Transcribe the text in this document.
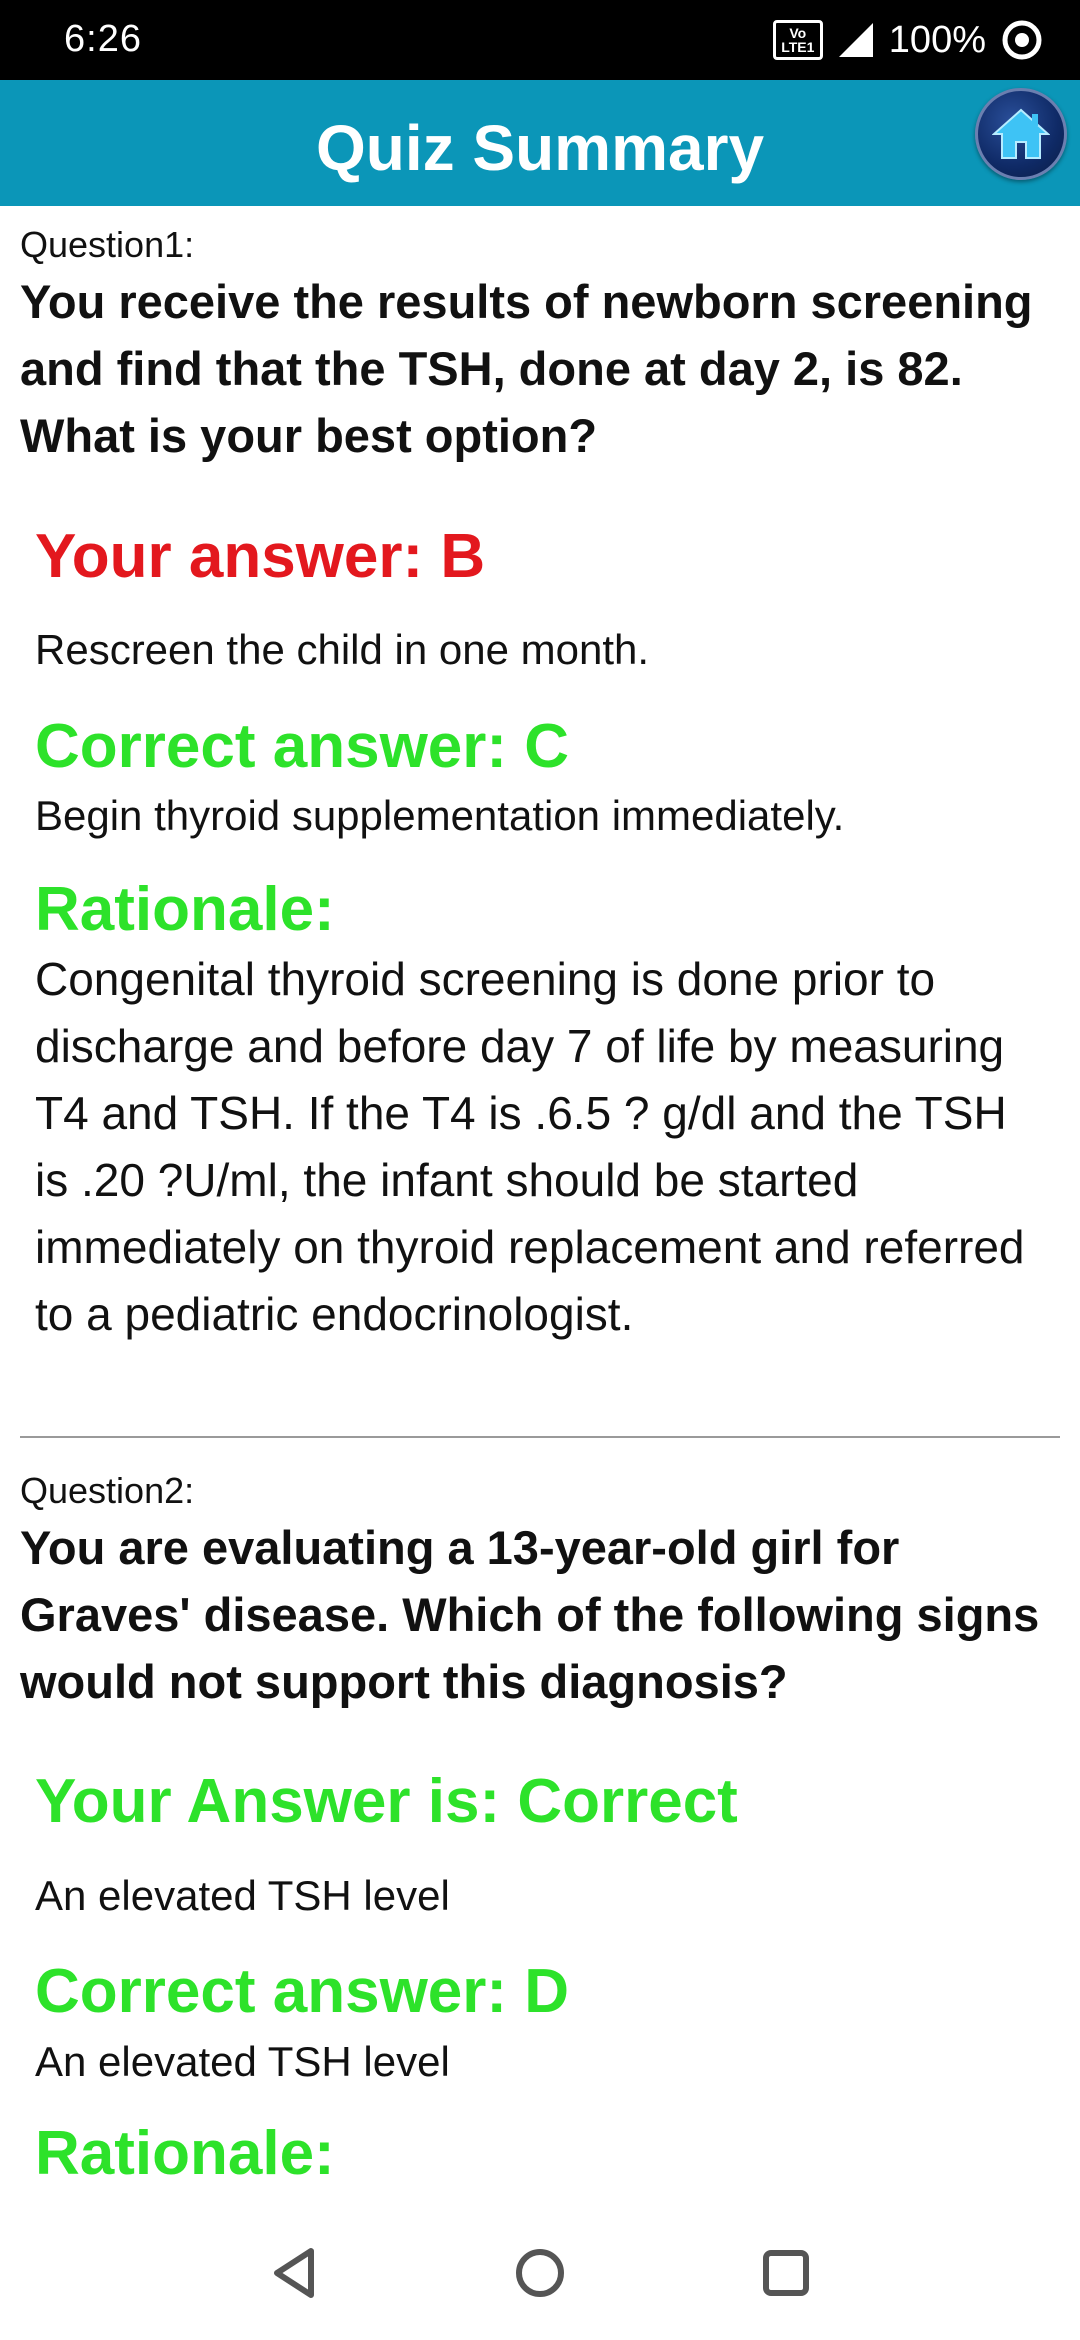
6:26	Vo
LTE1 100%
Quiz Summary
Question1:
You receive the results of newborn screening and find that the TSH, done at day 2, is 82. What is your best option?
Your answer: B
Rescreen the child in one month.
Correct answer: C
Begin thyroid supplementation immediately.
Rationale:
Congenital thyroid screening is done prior to discharge and before day 7 of life by measuring T4 and TSH. If the T4 is .6.5 ? g/dl and the TSH is .20 ?U/ml, the infant should be started immediately on thyroid replacement and referred to a pediatric endocrinologist.
Question2:
You are evaluating a 13-year-old girl for Graves' disease. Which of the following signs would not support this diagnosis?
Your Answer is: Correct
An elevated TSH level
Correct answer: D
An elevated TSH level
Rationale:
